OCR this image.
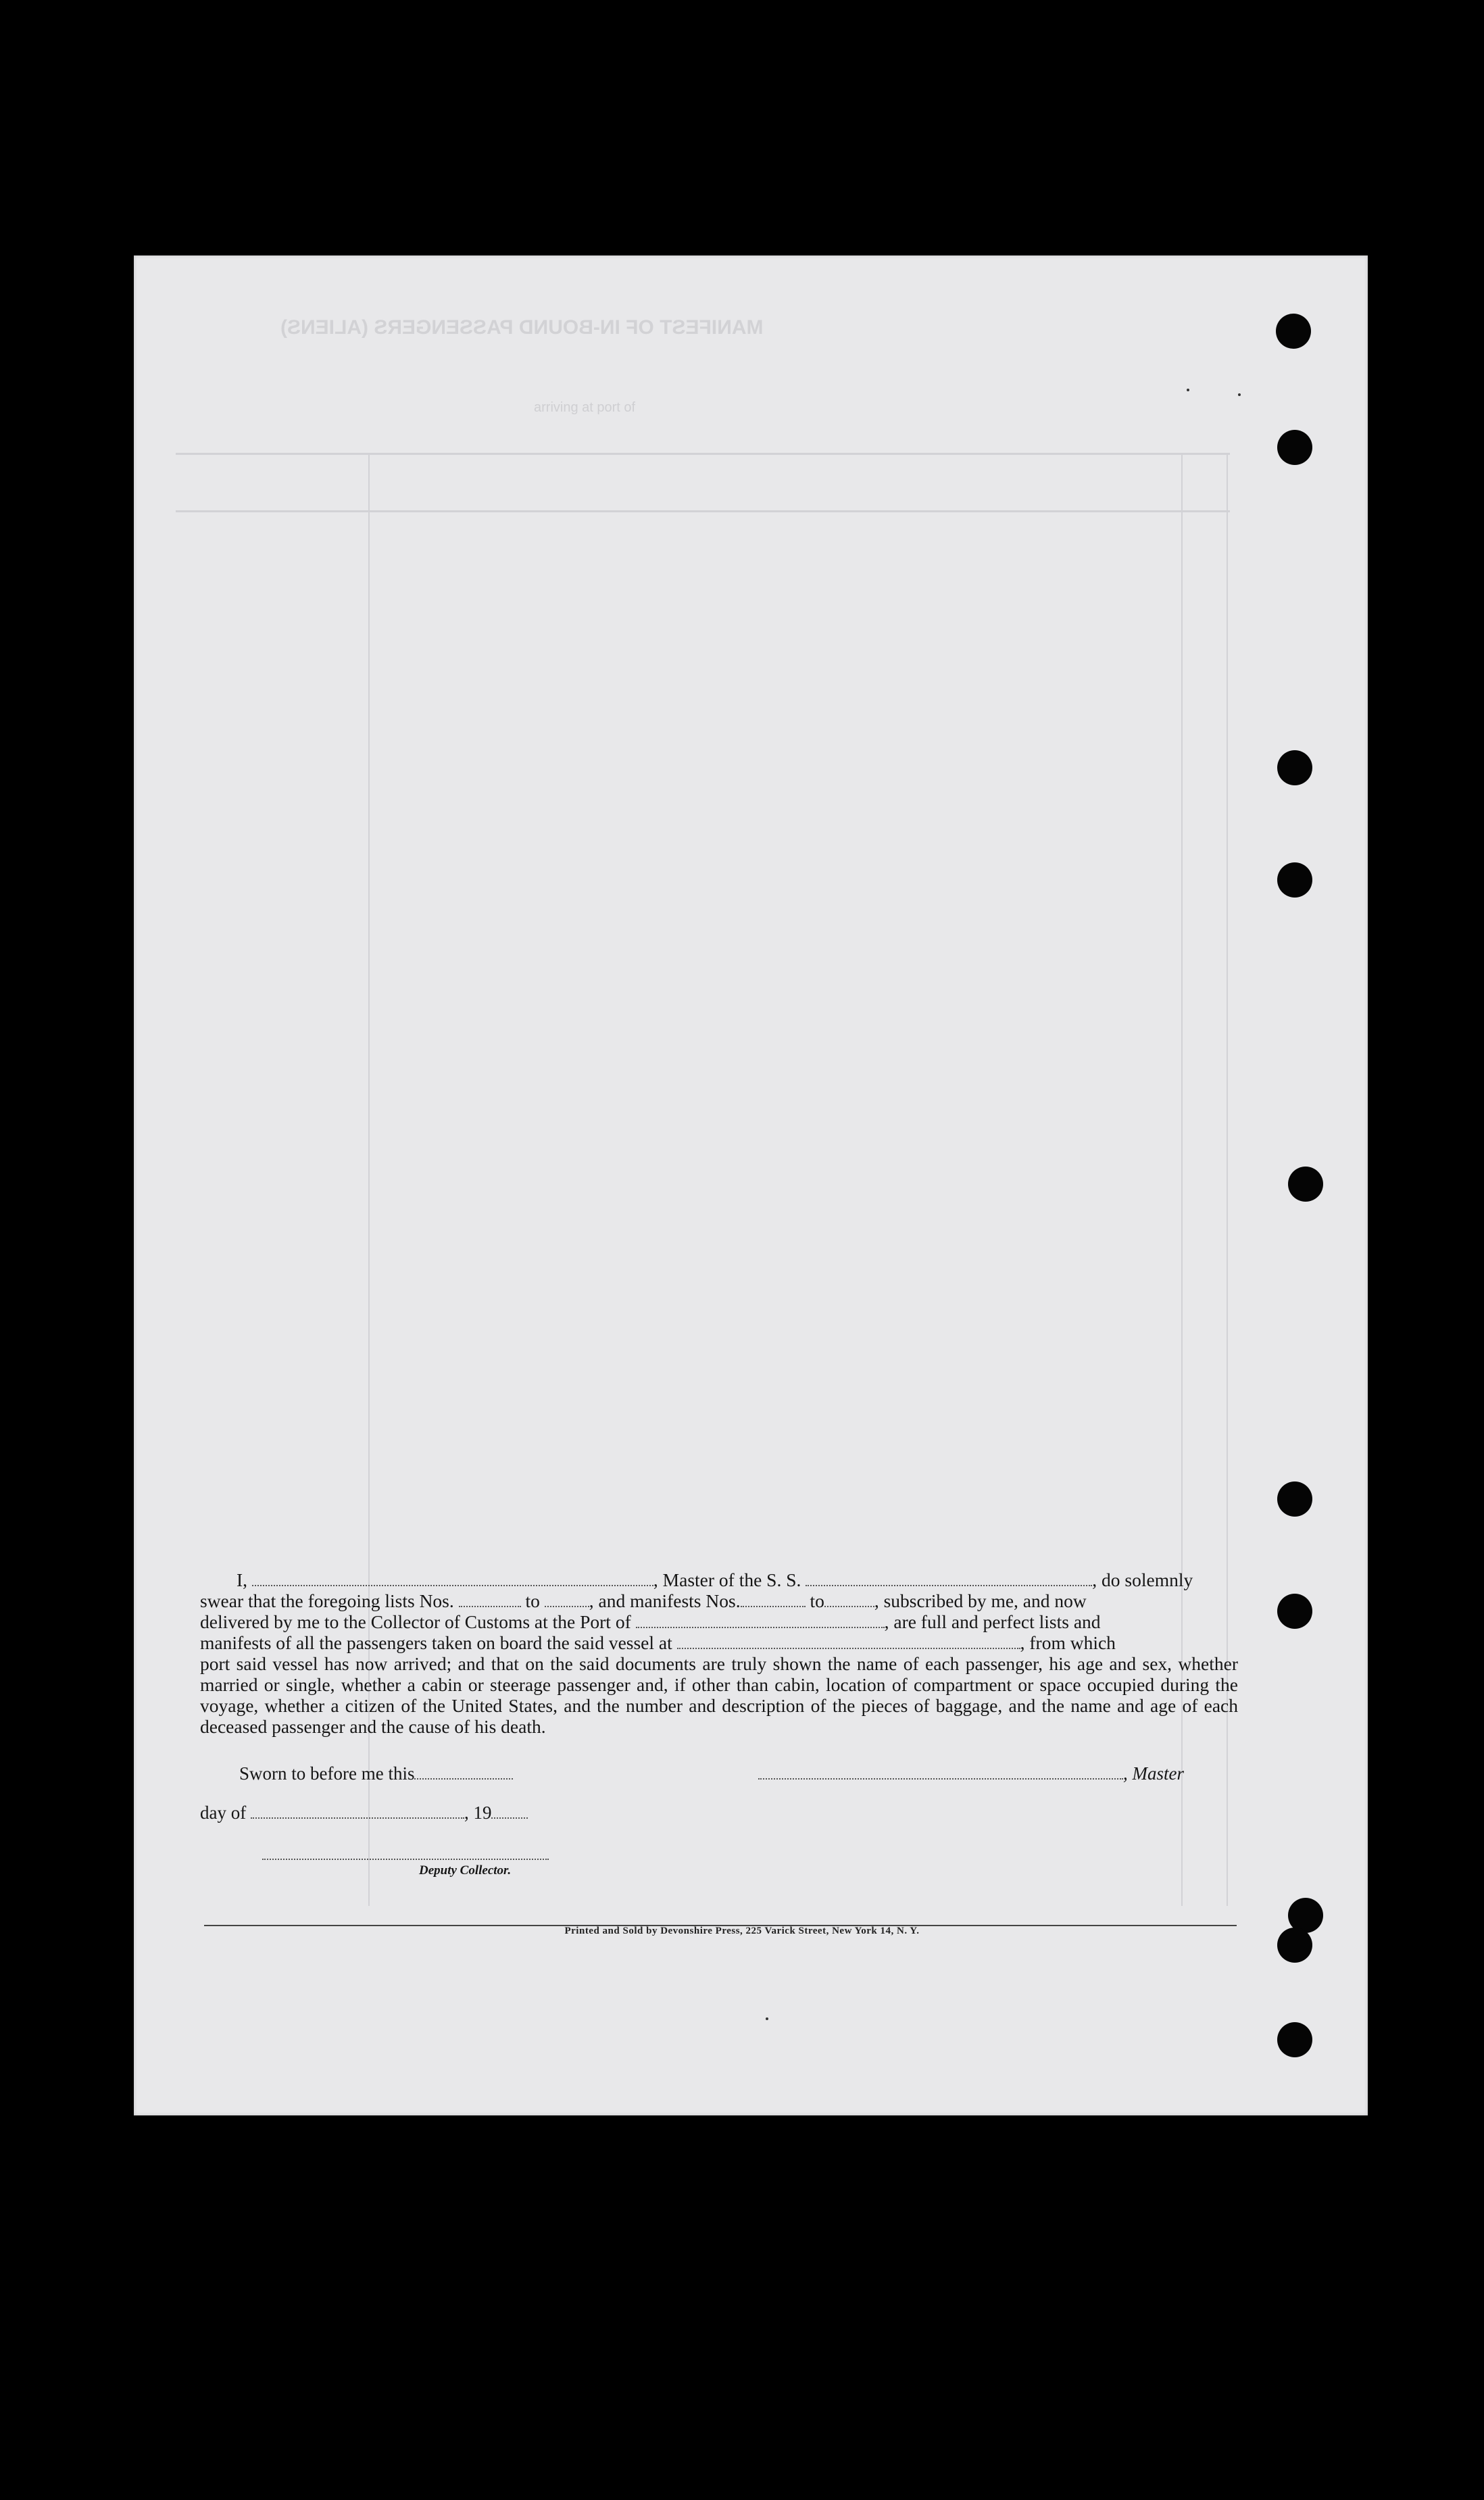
MANIFEST OF IN-BOUND PASSENGERS (ALIENS)
arriving at port of

I,	, Master of the S. S.	, do solemnly

swear that the foregoing lists Nos.	to	, and manifests Nos.	to	, subscribed by me, and now

delivered by me to the Collector of Customs at the Port of	, are full and perfect lists and

manifests of all the passengers taken on board the said vessel at	, from which

port said vessel has now arrived; and that on the said documents are truly shown the name of each passenger, his age and sex, whether married or single, whether a cabin or steerage passenger and, if other than cabin, location of compartment or space occupied during the voyage, whether a citizen of the United States, and the number and description of the pieces of baggage, and the name and age of each deceased passenger and the cause of his death.

Sworn to before me this	, Master
day of	, 19
Deputy Collector.
Printed and Sold by Devonshire Press, 225 Varick Street, New York 14, N. Y.
